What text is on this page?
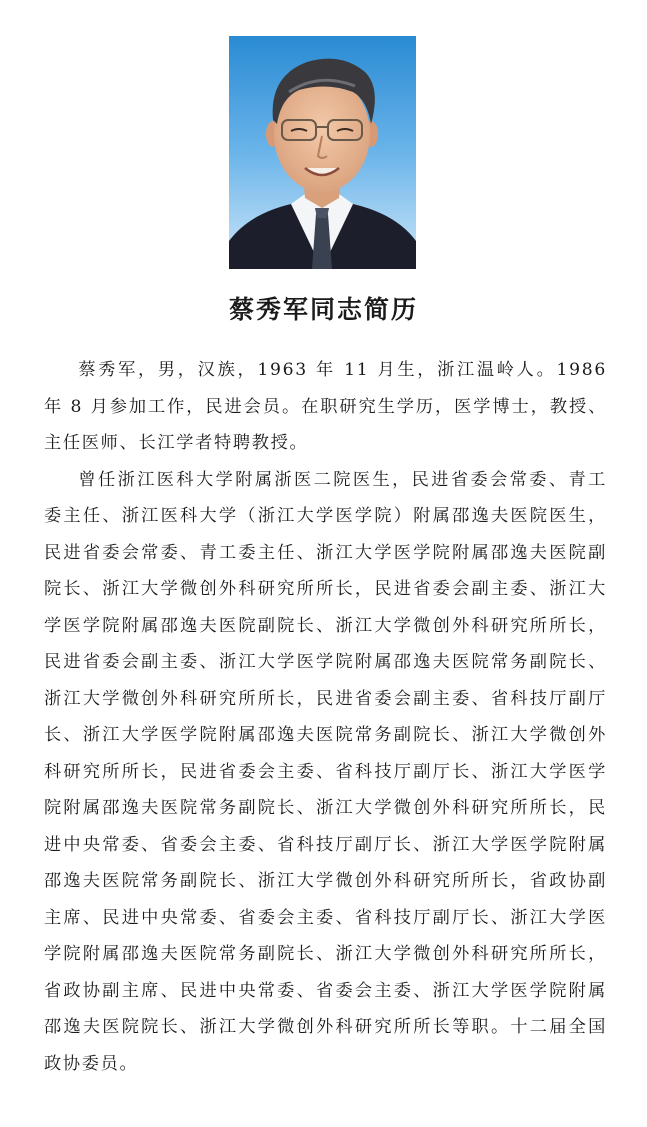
蔡秀军同志简历

蔡秀军，男，汉族，1963 年 11 月生，浙江温岭人。1986 年 8 月参加工作，民进会员。在职研究生学历，医学博士，教授、主任医师、长江学者特聘教授。

曾任浙江医科大学附属浙医二院医生，民进省委会常委、青工委主任、浙江医科大学（浙江大学医学院）附属邵逸夫医院医生，民进省委会常委、青工委主任、浙江大学医学院附属邵逸夫医院副院长、浙江大学微创外科研究所所长，民进省委会副主委、浙江大学医学院附属邵逸夫医院副院长、浙江大学微创外科研究所所长，民进省委会副主委、浙江大学医学院附属邵逸夫医院常务副院长、浙江大学微创外科研究所所长，民进省委会副主委、省科技厅副厅长、浙江大学医学院附属邵逸夫医院常务副院长、浙江大学微创外科研究所所长，民进省委会主委、省科技厅副厅长、浙江大学医学院附属邵逸夫医院常务副院长、浙江大学微创外科研究所所长，民进中央常委、省委会主委、省科技厅副厅长、浙江大学医学院附属邵逸夫医院常务副院长、浙江大学微创外科研究所所长，省政协副主席、民进中央常委、省委会主委、省科技厅副厅长、浙江大学医学院附属邵逸夫医院常务副院长、浙江大学微创外科研究所所长，省政协副主席、民进中央常委、省委会主委、浙江大学医学院附属邵逸夫医院院长、浙江大学微创外科研究所所长等职。十二届全国政协委员。
